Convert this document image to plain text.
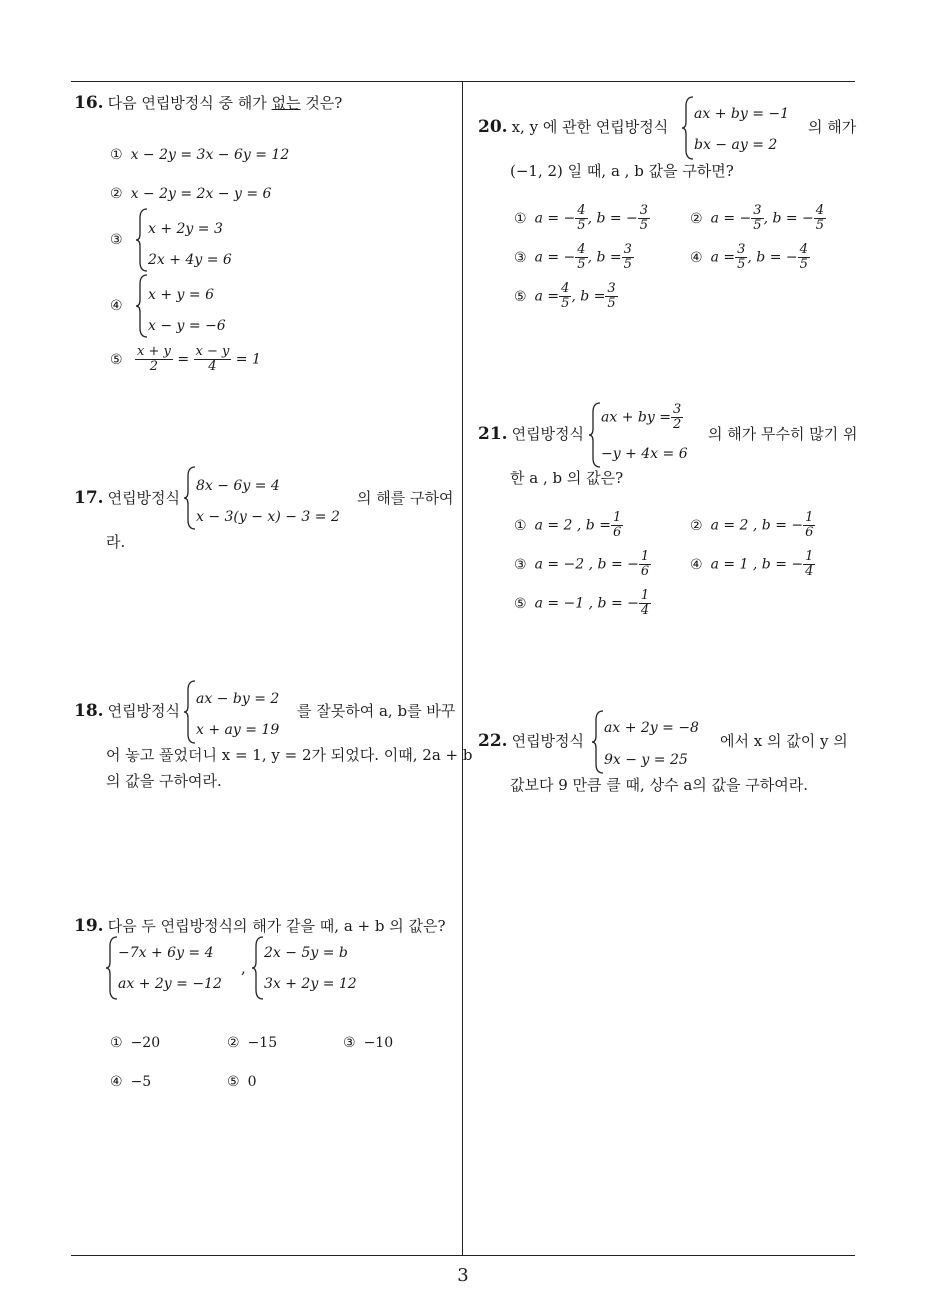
16. 다음 연립방정식 중 해가 없는 것은?
① x − 2y = 3x − 6y = 12
② x − 2y = 2x − y = 6
③
x + 2y = 3
2x + 4y = 6
④
x + y = 6
x − y = −6
⑤ $\frac{x + y}{2} = \frac{x - y}{4} = 1$
17. 연립방정식
8x − 6y = 4
x − 3(y − x) − 3 = 2
의 해를 구하여
라.
18. 연립방정식
ax − by = 2
x + ay = 19
를 잘못하여 a, b를 바꾸
어 놓고 풀었더니 x = 1, y = 2가 되었다. 이때, 2a + b
의 값을 구하여라.
19. 다음 두 연립방정식의 해가 같을 때, a + b 의 값은?
−7x + 6y = 4
ax + 2y = −12
,
2x − 5y = b
3x + 2y = 12
① −20	② −15	③ −10
④ −5	⑤ 0
20. x, y 에 관한 연립방정식
ax + by = −1
bx − ay = 2
의 해가
(−1, 2) 일 때, a , b 값을 구하면?
① a = − $\frac{4}{5}$ , b = − $\frac{3}{5}$	② a = − $\frac{3}{5}$ , b = − $\frac{4}{5}$
③ a = − $\frac{4}{5}$ , $b = \frac{3}{5}$	④ $a = \frac{3}{5}$ , b = − $\frac{4}{5}$
⑤ $a = \frac{4}{5}$ , $b = \frac{3}{5}$
21. 연립방정식
ax + by = $\frac{3}{2}$
−y + 4x = 6
의 해가 무수히 많기 위
한 a , b 의 값은?
① a = 2 , $b = \frac{1}{6}$	② a = 2 , b = − $\frac{1}{6}$
③ a = −2 , b = − $\frac{1}{6}$	④ a = 1 , b = − $\frac{1}{4}$
⑤ a = −1 , b = − $\frac{1}{4}$
22. 연립방정식
ax + 2y = −8
9x − y = 25
에서 x 의 값이 y 의
값보다 9 만큼 클 때, 상수 a의 값을 구하여라.
3
